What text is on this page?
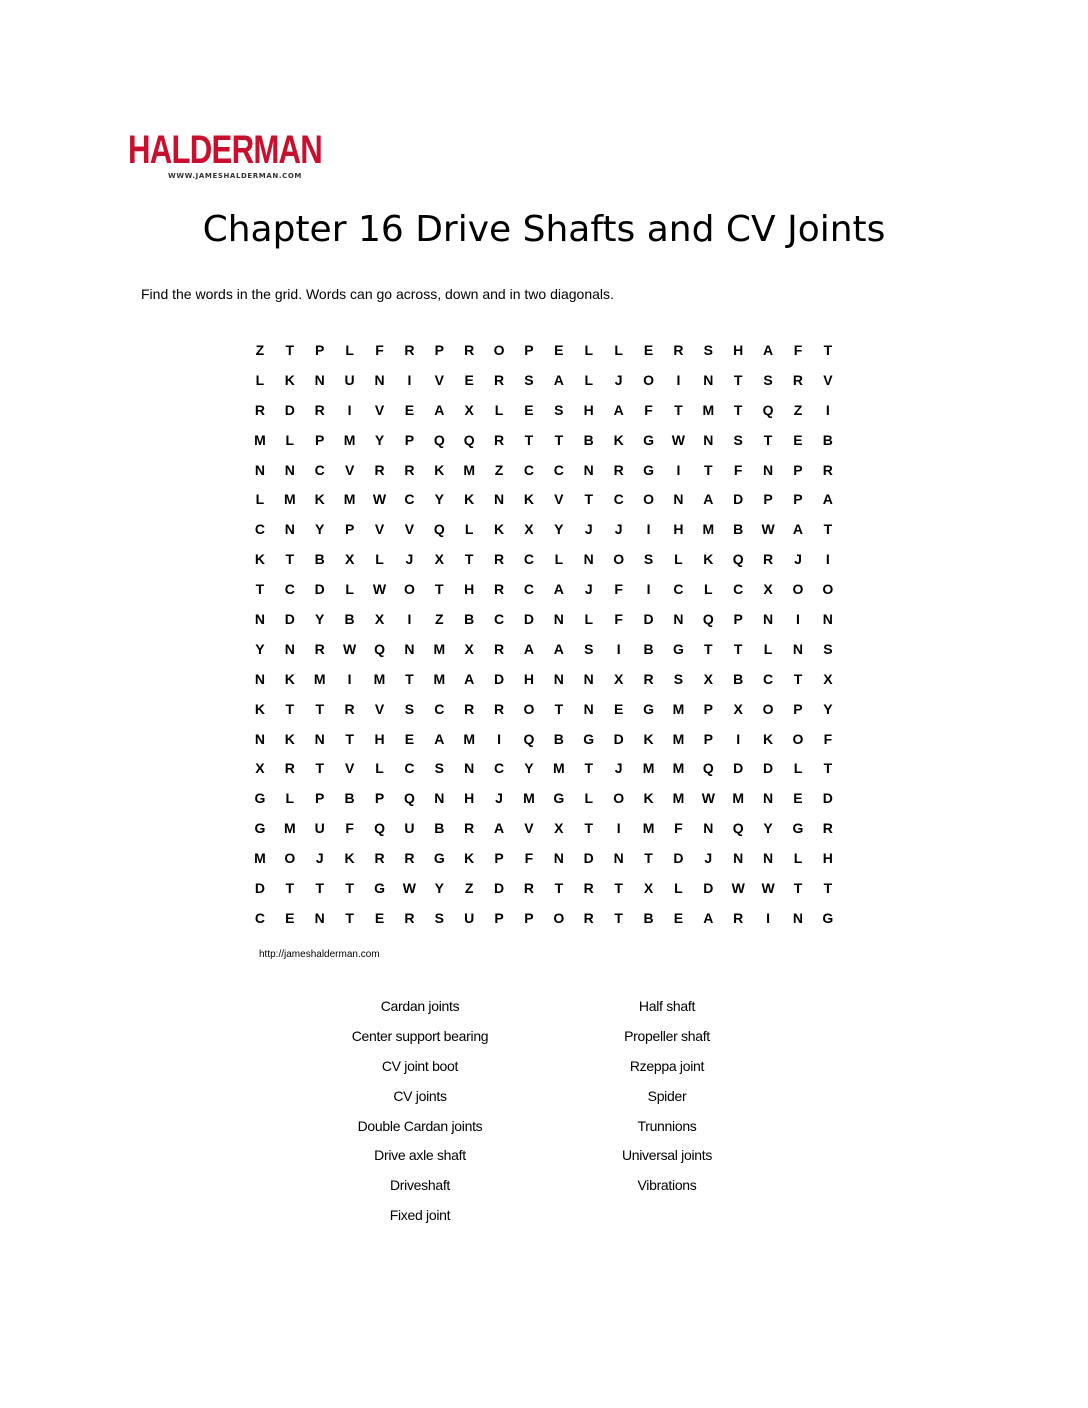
HALDERMAN
WWW.JAMESHALDERMAN.COM
Chapter 16 Drive Shafts and CV Joints
Find the words in the grid. Words can go across, down and in two diagonals.
Z	T	P	L	F	R	P	R	O	P	E	L	L	E	R	S	H	A	F	T
L	K	N	U	N	I	V	E	R	S	A	L	J	O	I	N	T	S	R	V
R	D	R	I	V	E	A	X	L	E	S	H	A	F	T	M	T	Q	Z	I
M	L	P	M	Y	P	Q	Q	R	T	T	B	K	G	W	N	S	T	E	B
N	N	C	V	R	R	K	M	Z	C	C	N	R	G	I	T	F	N	P	R
L	M	K	M	W	C	Y	K	N	K	V	T	C	O	N	A	D	P	P	A
C	N	Y	P	V	V	Q	L	K	X	Y	J	J	I	H	M	B	W	A	T
K	T	B	X	L	J	X	T	R	C	L	N	O	S	L	K	Q	R	J	I
T	C	D	L	W	O	T	H	R	C	A	J	F	I	C	L	C	X	O	O
N	D	Y	B	X	I	Z	B	C	D	N	L	F	D	N	Q	P	N	I	N
Y	N	R	W	Q	N	M	X	R	A	A	S	I	B	G	T	T	L	N	S
N	K	M	I	M	T	M	A	D	H	N	N	X	R	S	X	B	C	T	X
K	T	T	R	V	S	C	R	R	O	T	N	E	G	M	P	X	O	P	Y
N	K	N	T	H	E	A	M	I	Q	B	G	D	K	M	P	I	K	O	F
X	R	T	V	L	C	S	N	C	Y	M	T	J	M	M	Q	D	D	L	T
G	L	P	B	P	Q	N	H	J	M	G	L	O	K	M	W	M	N	E	D
G	M	U	F	Q	U	B	R	A	V	X	T	I	M	F	N	Q	Y	G	R
M	O	J	K	R	R	G	K	P	F	N	D	N	T	D	J	N	N	L	H
D	T	T	T	G	W	Y	Z	D	R	T	R	T	X	L	D	W	W	T	T
C	E	N	T	E	R	S	U	P	P	O	R	T	B	E	A	R	I	N	G
http://jameshalderman.com
Cardan joints
Center support bearing
CV joint boot
CV joints
Double Cardan joints
Drive axle shaft
Driveshaft
Fixed joint
Half shaft
Propeller shaft
Rzeppa joint
Spider
Trunnions
Universal joints
Vibrations
